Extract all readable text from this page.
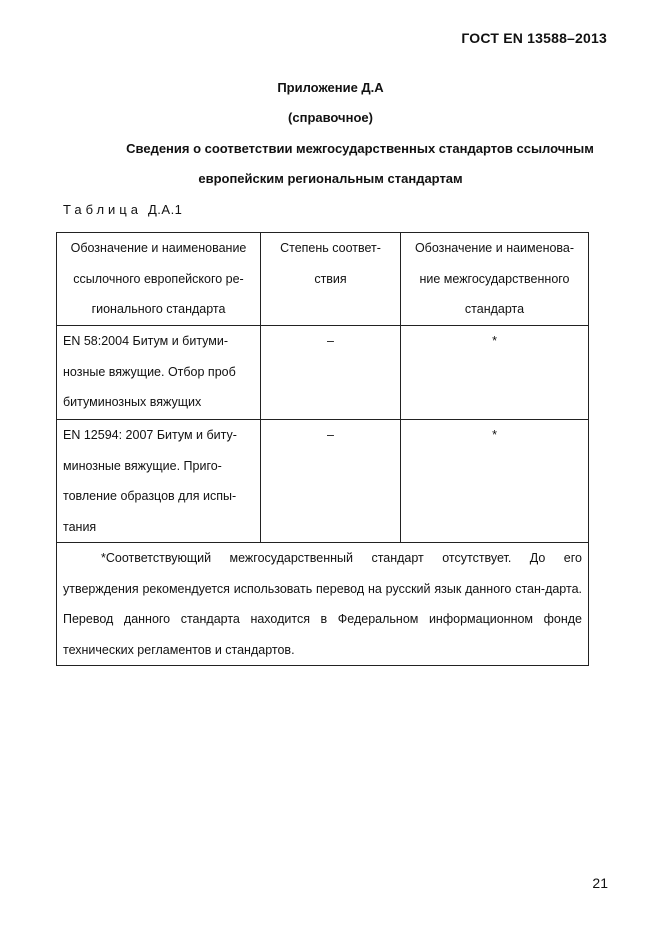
ГОСТ EN 13588–2013
Приложение Д.А
(справочное)
Сведения о соответствии межгосударственных стандартов ссылочным
европейским региональным стандартам
Таблица Д.А.1
Обозначение и наименование ссылочного европейского ре-гионального стандарта	Степень соответ-ствия	Обозначение и наименова-ние межгосударственного стандарта
EN 58:2004 Битум и битуми-нозные вяжущие. Отбор проб битуминозных вяжущих	–	*
EN 12594: 2007 Битум и биту-минозные вяжущие. Приго-товление образцов для испы-тания	–	*
*Соответствующий межгосударственный стандарт отсутствует. До его утверждения рекомендуется использовать перевод на русский язык данного стан-дарта. Перевод данного стандарта находится в Федеральном информационном фонде технических регламентов и стандартов.		
21
